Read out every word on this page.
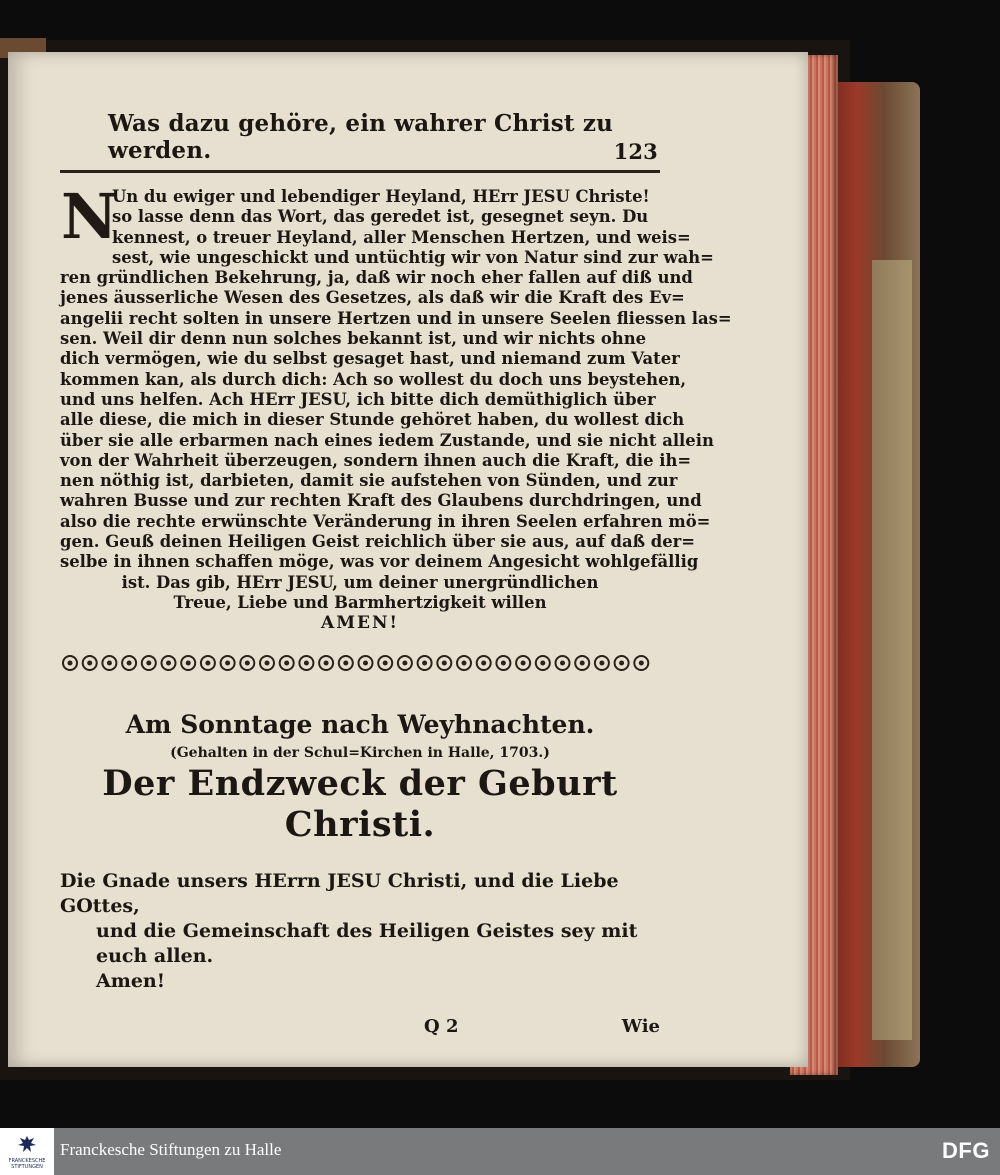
Was dazu gehöre, ein wahrer Christ zu werden.	123
N
Un du ewiger und lebendiger Heyland, HErr JESU Christe!
so lasse denn das Wort, das geredet ist, gesegnet seyn. Du
kennest, o treuer Heyland, aller Menschen Hertzen, und weis=
sest, wie ungeschickt und untüchtig wir von Natur sind zur wah=
ren gründlichen Bekehrung, ja, daß wir noch eher fallen auf diß und
jenes äusserliche Wesen des Gesetzes, als daß wir die Kraft des Ev=
angelii recht solten in unsere Hertzen und in unsere Seelen fliessen las=
sen. Weil dir denn nun solches bekannt ist, und wir nichts ohne
dich vermögen, wie du selbst gesaget hast, und niemand zum Vater
kommen kan, als durch dich: Ach so wollest du doch uns beystehen,
und uns helfen. Ach HErr JESU, ich bitte dich demüthiglich über
alle diese, die mich in dieser Stunde gehöret haben, du wollest dich
über sie alle erbarmen nach eines iedem Zustande, und sie nicht allein
von der Wahrheit überzeugen, sondern ihnen auch die Kraft, die ih=
nen nöthig ist, darbieten, damit sie aufstehen von Sünden, und zur
wahren Busse und zur rechten Kraft des Glaubens durchdringen, und
also die rechte erwünschte Veränderung in ihren Seelen erfahren mö=
gen. Geuß deinen Heiligen Geist reichlich über sie aus, auf daß der=
selbe in ihnen schaffen möge, was vor deinem Angesicht wohlgefällig
ist. Das gib, HErr JESU, um deiner unergründlichen
Treue, Liebe und Barmhertzigkeit willen
AMEN!
Am Sonntage nach Weyhnachten.
(Gehalten in der Schul=Kirchen in Halle, 1703.)
Der Endzweck der Geburt Christi.
Die Gnade unsers HErrn JESU Christi, und die Liebe GOttes,
und die Gemeinschaft des Heiligen Geistes sey mit euch allen.
Amen!
Q 2	Wie
FRANCKESCHE
STIFTUNGEN
Franckesche Stiftungen zu Halle	DFG
